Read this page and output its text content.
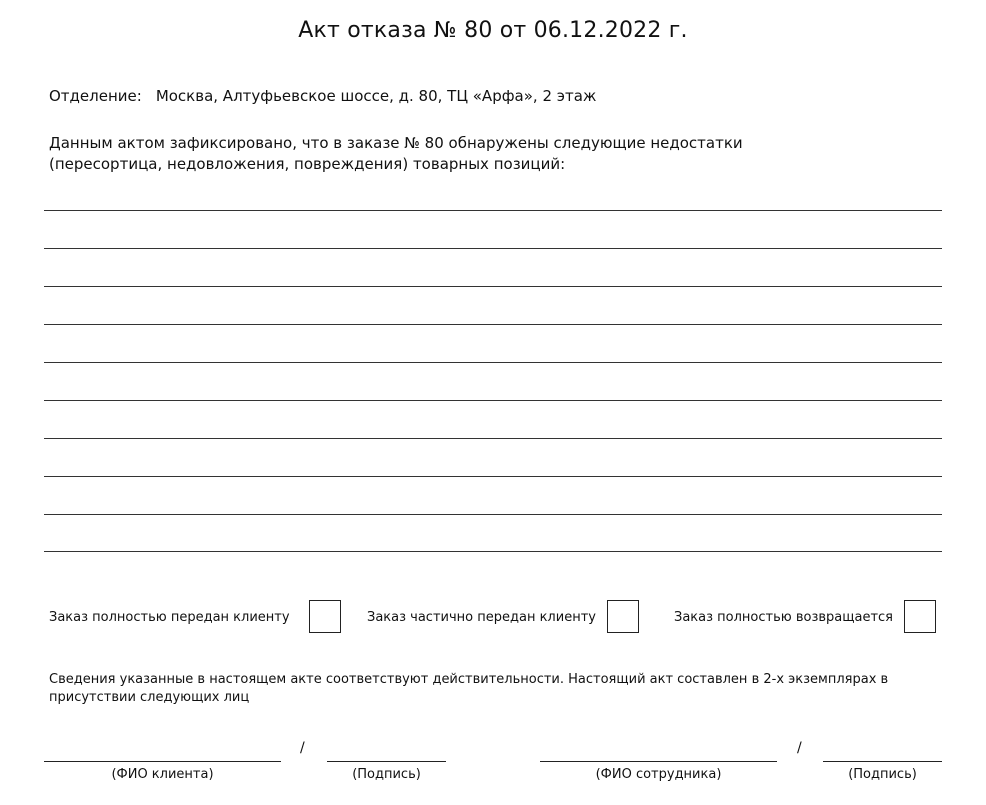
Акт отказа № 80 от 06.12.2022 г.
Отделение: Москва, Алтуфьевское шоссе, д. 80, ТЦ «Арфа», 2 этаж
Данным актом зафиксировано, что в заказе № 80 обнаружены следующие недостатки
(пересортица, недовложения, повреждения) товарных позиций:
Заказ полностью передан клиенту	Заказ частично передан клиенту	Заказ полностью возвращается
Сведения указанные в настоящем акте соответствуют действительности. Настоящий акт составлен в 2-х экземплярах в
присутствии следующих лиц
/	/
(ФИО клиента)	(Подпись)	(ФИО сотрудника)	(Подпись)
